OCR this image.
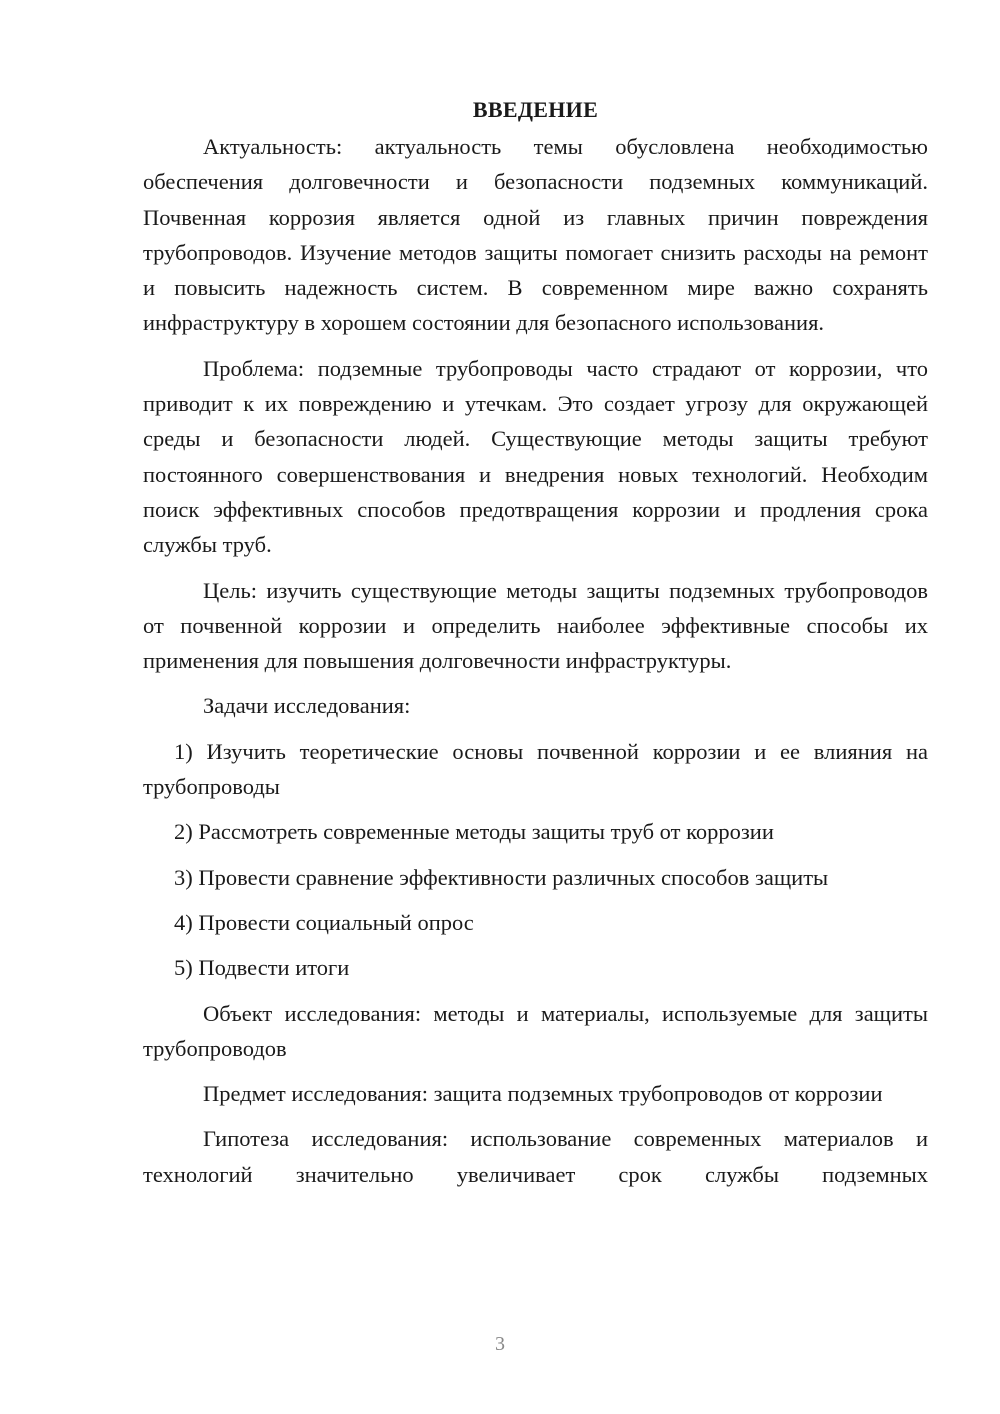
ВВЕДЕНИЕ

Актуальность: актуальность темы обусловлена необходимостью обеспечения долговечности и безопасности подземных коммуникаций. Почвенная коррозия является одной из главных причин повреждения трубопроводов. Изучение методов защиты помогает снизить расходы на ремонт и повысить надежность систем. В современном мире важно сохранять инфраструктуру в хорошем состоянии для безопасного использования.

Проблема: подземные трубопроводы часто страдают от коррозии, что приводит к их повреждению и утечкам. Это создает угрозу для окружающей среды и безопасности людей. Существующие методы защиты требуют постоянного совершенствования и внедрения новых технологий. Необходим поиск эффективных способов предотвращения коррозии и продления срока службы труб.

Цель: изучить существующие методы защиты подземных трубопроводов от почвенной коррозии и определить наиболее эффективные способы их применения для повышения долговечности инфраструктуры.

Задачи исследования:

1) Изучить теоретические основы почвенной коррозии и ее влияния на трубопроводы

2) Рассмотреть современные методы защиты труб от коррозии

3) Провести сравнение эффективности различных способов защиты

4) Провести социальный опрос

5) Подвести итоги

Объект исследования: методы и материалы, используемые для защиты трубопроводов

Предмет исследования: защита подземных трубопроводов от коррозии

Гипотеза исследования: использование современных материалов и технологий значительно увеличивает срок службы подземных

3
